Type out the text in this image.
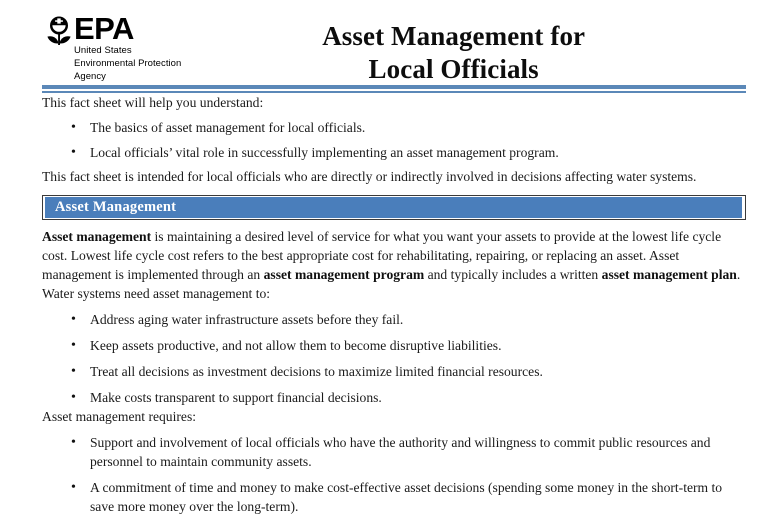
EPA
United States
Environmental Protection
Agency
Asset Management for
Local Officials

This fact sheet will help you understand:

• The basics of asset management for local officials.
• Local officials’ vital role in successfully implementing an asset management program.

This fact sheet is intended for local officials who are directly or indirectly involved in decisions affecting water systems.

Asset Management

Asset management is maintaining a desired level of service for what you want your assets to provide at the lowest life cycle cost. Lowest life cycle cost refers to the best appropriate cost for rehabilitating, repairing, or replacing an asset. Asset management is implemented through an asset management program and typically includes a written asset management plan. Water systems need asset management to:

• Address aging water infrastructure assets before they fail.
• Keep assets productive, and not allow them to become disruptive liabilities.
• Treat all decisions as investment decisions to maximize limited financial resources.
• Make costs transparent to support financial decisions.

Asset management requires:

• Support and involvement of local officials who have the authority and willingness to commit public resources and personnel to maintain community assets.
• A commitment of time and money to make cost-effective asset decisions (spending some money in the short-term to save more money over the long-term).
